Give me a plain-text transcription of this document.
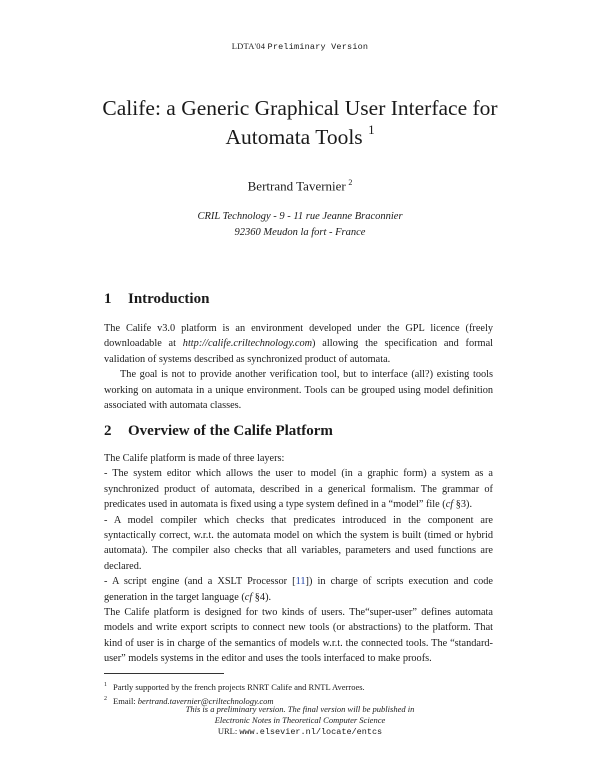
LDTA'04 Preliminary Version
Calife: a Generic Graphical User Interface for
Automata Tools $^1$
Bertrand Tavernier  $^2$
CRIL Technology - 9 - 11 rue Jeanne Braconnier
92360 Meudon la fort - France
1 Introduction

The Calife v3.0 platform is an environment developed under the GPL licence (freely downloadable at http://calife.criltechnology.com) allowing the specification and formal validation of systems described as synchronized product of automata.

The goal is not to provide another verification tool, but to interface (all?) existing tools working on automata in a unique environment. Tools can be grouped using model definition associated with automata classes.

2 Overview of the Calife Platform

The Calife platform is made of three layers:

- The system editor which allows the user to model (in a graphic form) a system as a synchronized product of automata, described in a generical formalism. The grammar of predicates used in automata is fixed using a type system defined in a “model” file (cf §3).

- A model compiler which checks that predicates introduced in the component are syntactically correct, w.r.t. the automata model on which the system is built (timed or hybrid automata). The compiler also checks that all variables, parameters and used functions are declared.

- A script engine (and a XSLT Processor [11]) in charge of scripts execution and code generation in the target language (cf §4).

The Calife platform is designed for two kinds of users. The“super-user” defines automata models and write export scripts to connect new tools (or abstractions) to the platform. That kind of user is in charge of the semantics of models w.r.t. the connected tools. The “standard-user” models systems in the editor and uses the tools interfaced to make proofs.

$^1$ Partly supported by the french projects RNRT Calife and RNTL Averroes.
$^2$ Email: bertrand.tavernier@criltechnology.com
This is a preliminary version. The final version will be published in
Electronic Notes in Theoretical Computer Science
URL: www.elsevier.nl/locate/entcs
